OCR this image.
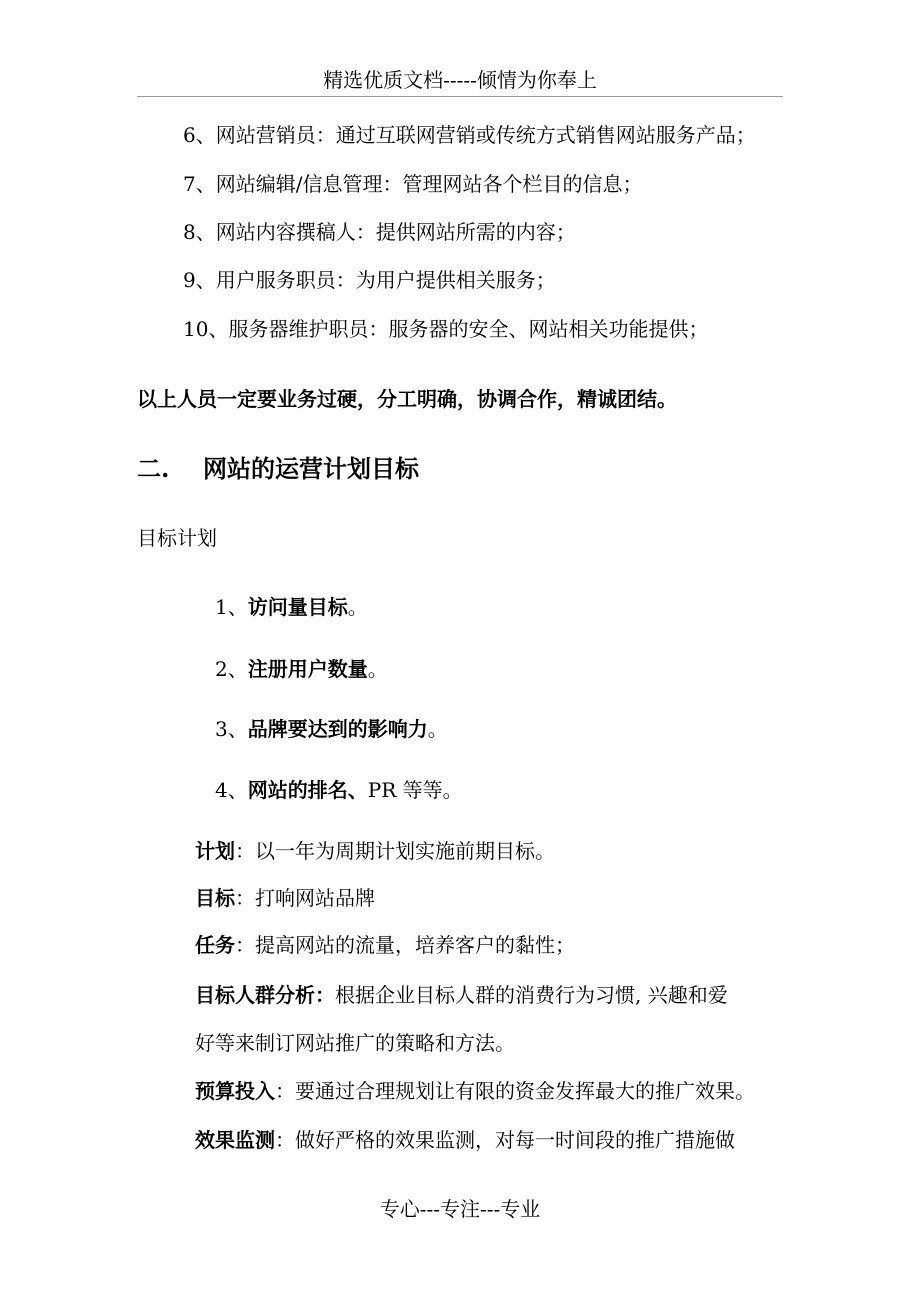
精选优质文档-----倾情为你奉上
6、网站营销员：通过互联网营销或传统方式销售网站服务产品；
7、网站编辑/信息管理：管理网站各个栏目的信息；
8、网站内容撰稿人：提供网站所需的内容；
9、用户服务职员：为用户提供相关服务；
10、服务器维护职员：服务器的安全、网站相关功能提供；
以上人员一定要业务过硬，分工明确，协调合作，精诚团结。
二. 网站的运营计划目标
目标计划
1、访问量目标。
2、注册用户数量。
3、品牌要达到的影响力。
4、网站的排名、PR 等等。
计划：以一年为周期计划实施前期目标。
目标：打响网站品牌
任务：提高网站的流量，培养客户的黏性；
目标人群分析：根据企业目标人群的消费行为习惯, 兴趣和爱
好等来制订网站推广的策略和方法。
预算投入：要通过合理规划让有限的资金发挥最大的推广效果。
效果监测：做好严格的效果监测，对每一时间段的推广措施做
专心---专注---专业
